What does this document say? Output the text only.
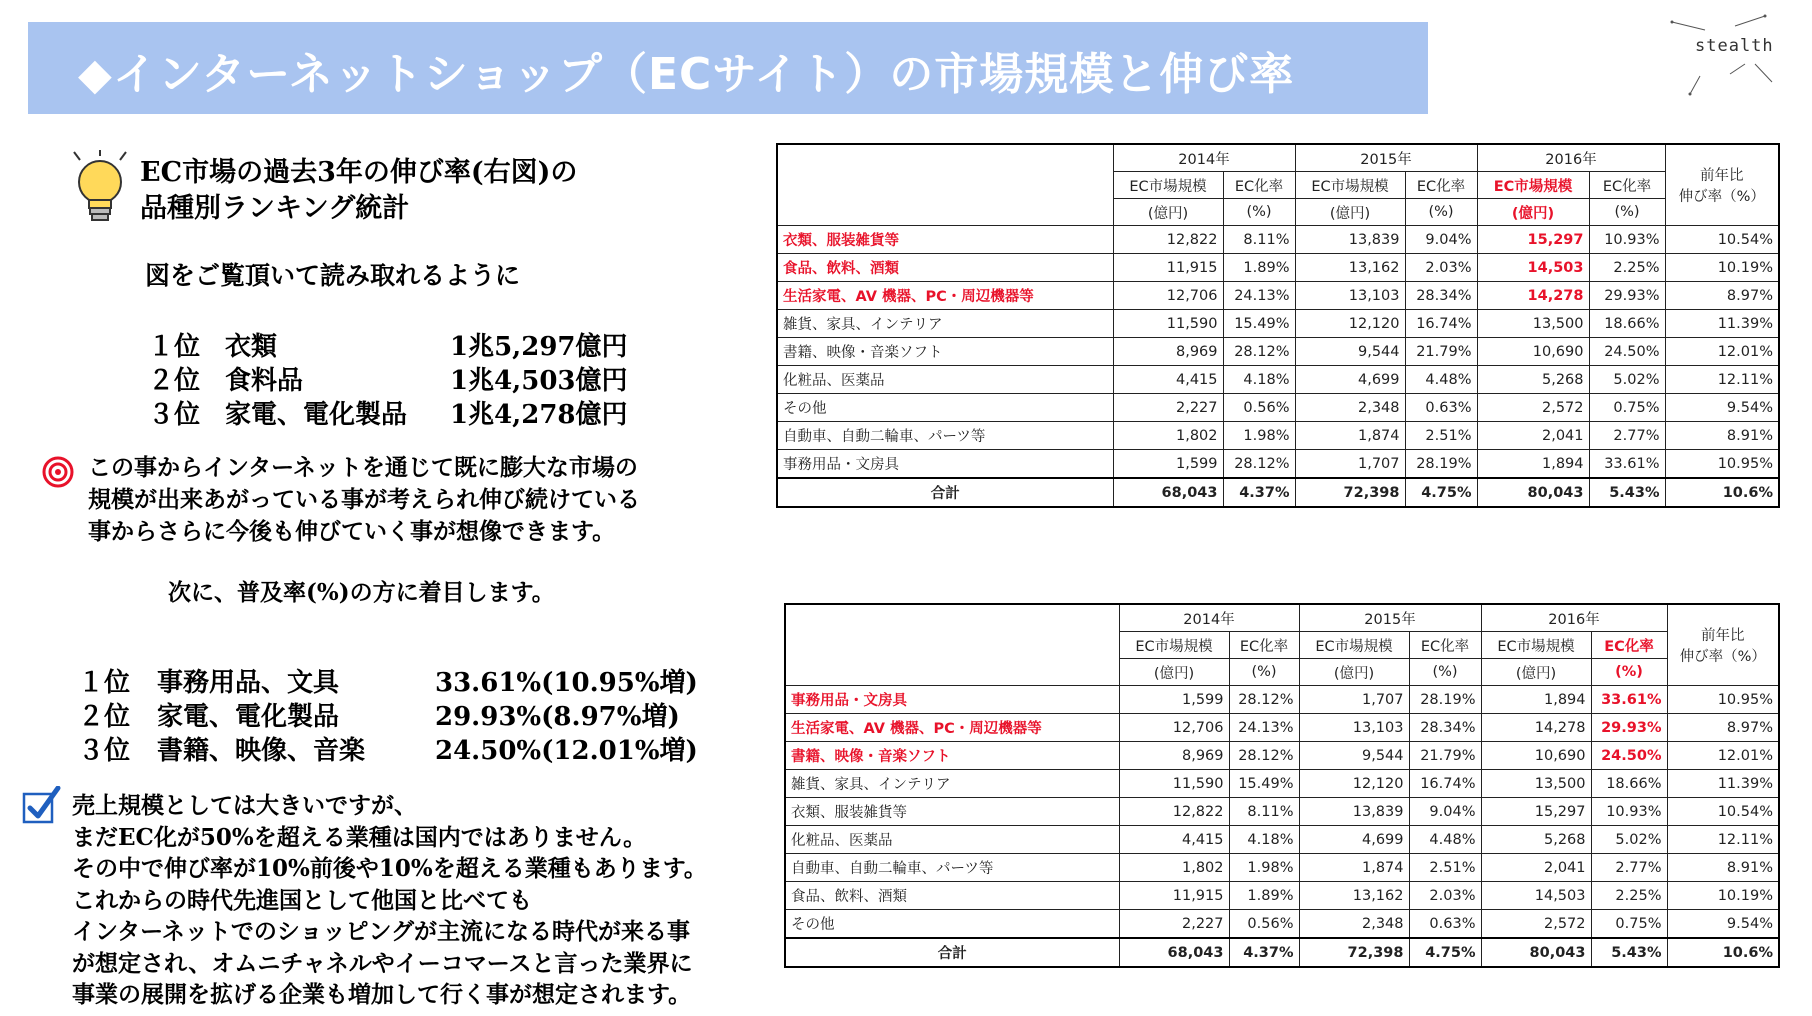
◆インターネットショップ（ECサイト）の市場規模と伸び率
stealth
EC市場の過去3年の伸び率(右図)の
品種別ランキング統計
図をご覧頂いて読み取れるように
１位 衣類	1兆5,297億円
２位 食料品	1兆4,503億円
３位 家電、電化製品 1兆4,278億円
この事からインターネットを通じて既に膨大な市場の
規模が出来あがっている事が考えられ伸び続けている
事からさらに今後も伸びていく事が想像できます。
次に、普及率(%)の方に着目します。
１位 事務用品、文具	33.61%(10.95%増)
２位 家電、電化製品	29.93%(8.97%増)
３位 書籍、映像、音楽	24.50%(12.01%増)
売上規模としては大きいですが、
まだEC化が50%を超える業種は国内ではありません。
その中で伸び率が10%前後や10%を超える業種もあります。
これからの時代先進国として他国と比べても
インターネットでのショッピングが主流になる時代が来る事
が想定され、オムニチャネルやイーコマースと言った業界に
事業の展開を拡げる企業も増加して行く事が想定されます。
	2014年		2015年		2016年		前年比
伸び率（%）

	EC市場規模	EC化率	EC市場規模	EC化率	EC市場規模	EC化率	
	(億円)	(%)	(億円)	(%)	(億円)	(%)	
衣類、服装雑貨等	12,822	8.11%	13,839	9.04%	15,297	10.93%	10.54%
食品、飲料、酒類	11,915	1.89%	13,162	2.03%	14,503	2.25%	10.19%
生活家電、AV 機器、PC・周辺機器等	12,706	24.13%	13,103	28.34%	14,278	29.93%	8.97%
雑貨、家具、インテリア	11,590	15.49%	12,120	16.74%	13,500	18.66%	11.39%
書籍、映像・音楽ソフト	8,969	28.12%	9,544	21.79%	10,690	24.50%	12.01%
化粧品、医薬品	4,415	4.18%	4,699	4.48%	5,268	5.02%	12.11%
その他	2,227	0.56%	2,348	0.63%	2,572	0.75%	9.54%
自動車、自動二輪車、パーツ等	1,802	1.98%	1,874	2.51%	2,041	2.77%	8.91%
事務用品・文房具	1,599	28.12%	1,707	28.19%	1,894	33.61%	10.95%
合計	68,043	4.37%	72,398	4.75%	80,043	5.43%	10.6%
	2014年		2015年		2016年		前年比
伸び率（%）

	EC市場規模	EC化率	EC市場規模	EC化率	EC市場規模	EC化率	
	(億円)	(%)	(億円)	(%)	(億円)	(%)	
事務用品・文房具	1,599	28.12%	1,707	28.19%	1,894	33.61%	10.95%
生活家電、AV 機器、PC・周辺機器等	12,706	24.13%	13,103	28.34%	14,278	29.93%	8.97%
書籍、映像・音楽ソフト	8,969	28.12%	9,544	21.79%	10,690	24.50%	12.01%
雑貨、家具、インテリア	11,590	15.49%	12,120	16.74%	13,500	18.66%	11.39%
衣類、服装雑貨等	12,822	8.11%	13,839	9.04%	15,297	10.93%	10.54%
化粧品、医薬品	4,415	4.18%	4,699	4.48%	5,268	5.02%	12.11%
自動車、自動二輪車、パーツ等	1,802	1.98%	1,874	2.51%	2,041	2.77%	8.91%
食品、飲料、酒類	11,915	1.89%	13,162	2.03%	14,503	2.25%	10.19%
その他	2,227	0.56%	2,348	0.63%	2,572	0.75%	9.54%
合計	68,043	4.37%	72,398	4.75%	80,043	5.43%	10.6%
